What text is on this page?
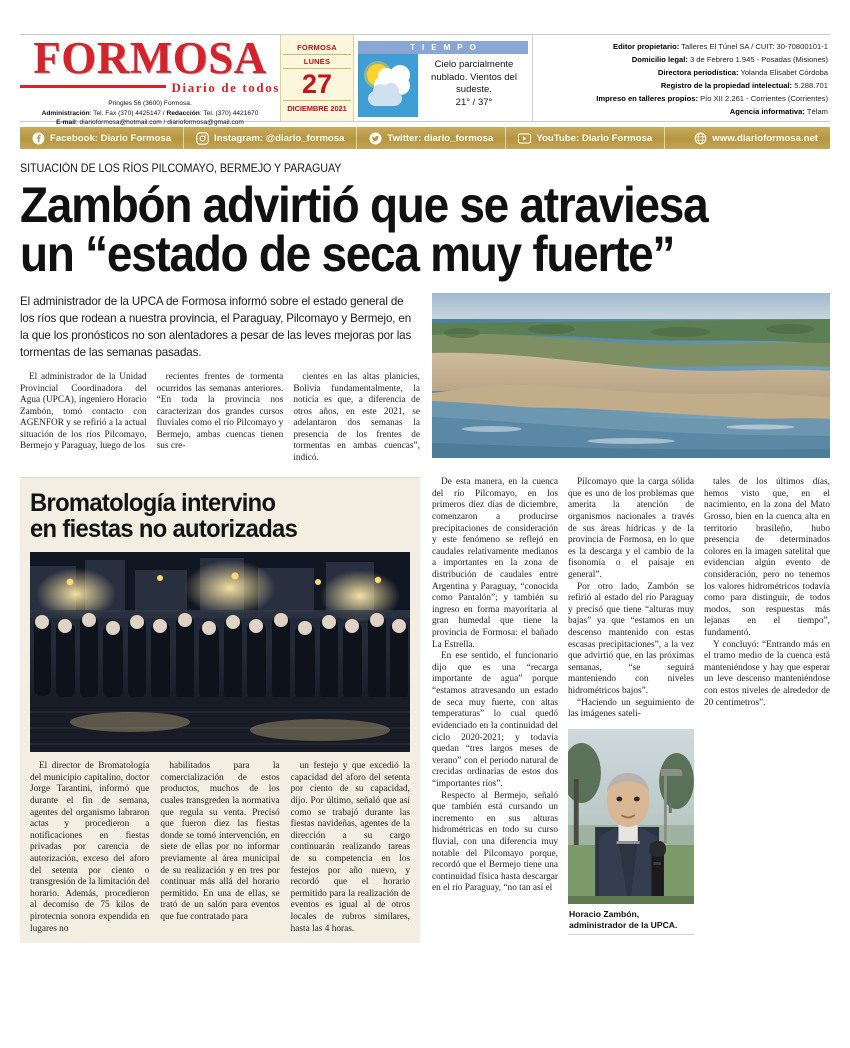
FORMOSA
Diario de todos
Pringles 56 (3600) Formosa.
Administración: Tel. Fax (370) 4425147 / Redacción: Tel. (370) 4421670
E-mail: diarioformosa@hotmail.com / diarioformosa@gmail.com
FORMOSA
LUNES
27
DICIEMBRE 2021
TIEMPO
Cielo parcialmente nublado. Vientos del sudeste.
21° / 37°
Editor propietario: Talleres El Túnel SA / CUIT: 30-70800101-1
Domicilio legal: 3 de Febrero 1.945 - Posadas (Misiones)
Directora periodística: Yolanda Elisabet Córdoba
Registro de la propiedad intelectual: 5.288.701
Impreso en talleres propios: Pío XII 2.261 - Corrientes (Corrientes)
Agencia informativa: Télam
Facebook: Diario Formosa	Instagram: @diario_formosa	Twitter: diario_formosa	YouTube: Diario Formosa	www.diarioformosa.net
SITUACIÓN DE LOS RÍOS PILCOMAYO, BERMEJO Y PARAGUAY
Zambón advirtió que se atraviesa
un “estado de seca muy fuerte”
El administrador de la UPCA de Formosa informó sobre el estado general de los ríos que rodean a nuestra provincia, el Paraguay, Pilcomayo y Bermejo, en la que los pronósticos no son alentadores a pesar de las leves mejoras por las tormentas de las semanas pasadas.

El administrador de la Unidad Provincial Coordinadora del Agua (UPCA), ingeniero Horacio Zambón, tomó contacto con AGENFOR y se refirió a la actual situación de los ríos Pilcomayo, Bermejo y Paraguay, luego de los

recientes frentes de tormenta ocurridos las semanas anteriores. “En toda la provincia nos caracterizan dos grandes cursos fluviales como el río Pilcomayo y Bermejo, ambas cuencas tienen sus cre-

cientes en las altas planicies, Bolivia fundamentalmente, la noticia es que, a diferencia de otros años, en este 2021, se adelantaron dos semanas la presencia de los frentes de tormentas en ambas cuencas”, indicó.

Bromatología intervino
en fiestas no autorizadas

El director de Bromatología del municipio capitalino, doctor Jorge Tarantini, informó que durante el fin de semana, agentes del organismo labraron actas y procedieron a notificaciones en fiestas privadas por carencia de autorización, exceso del aforo del setenta por ciento o transgresión de la limitación del horario. Además, procedieron al decomiso de 75 kilos de pirotecnia sonora expendida en lugares no

habilitados para la comercialización de estos productos, muchos de los cuales transgreden la normativa que regula su venta. Precisó que fueron diez las fiestas donde se tomó intervención, en siete de ellas por no informar previamente al área municipal de su realización y en tres por continuar más allá del horario permitido. En una de ellas, se trató de un salón para eventos que fue contratado para

un festejo y que excedió la capacidad del aforo del setenta por ciento de su capacidad, dijo. Por último, señaló que así como se trabajó durante las fiestas navideñas, agentes de la dirección a su cargo continuarán realizando tareas de su competencia en los festejos por año nuevo, y recordó que el horario permitido para la realización de eventos es igual al de otros locales de rubros similares, hasta las 4 horas.

De esta manera, en la cuenca del río Pilcomayo, en los primeros diez días de diciembre, comenzaron a producirse precipitaciones de consideración y este fenómeno se reflejó en caudales relativamente medianos a importantes en la zona de distribución de caudales entre Argentina y Paraguay, “conocida como Pantalón”; y también su ingreso en forma mayoritaria al gran humedal que tiene la provincia de Formosa: el bañado La Estrella.

En ese sentido, el funcionario dijo que es una “recarga importante de agua” porque “estamos atravesando un estado de seca muy fuerte, con altas temperaturas” lo cual quedó evidenciado en la continuidad del ciclo 2020-2021; y todavía quedan “tres largos meses de verano” con el período natural de crecidas ordinarias de estos dos “importantes ríos”.

Respecto al Bermejo, señaló que también está cursando un incremento en sus alturas hidrométricas en todo su curso fluvial, con una diferencia muy notable del Pilcomayo porque, recordó que el Bermejo tiene una continuidad física hasta descargar en el río Paraguay, “no tan así el

Pilcomayo que la carga sólida que es uno de los problemas que amerita la atención de organismos nacionales a través de sus áreas hídricas y de la provincia de Formosa, en lo que es la descarga y el cambio de la fisonomía o el paisaje en general”.

Por otro lado, Zambón se refirió al estado del río Paraguay y precisó que tiene “alturas muy bajas” ya que “estamos en un descenso mantenido con estas escasas precipitaciones”, a la vez que advirtió que, en las próximas semanas, “se seguirá manteniendo con niveles hidrométricos bajos”.

“Haciendo un seguimiento de las imágenes sateli-

Horacio Zambón, administrador de la UPCA.

tales de los últimos días, hemos visto que, en el nacimiento, en la zona del Mato Grosso, bien en la cuenca alta en territorio brasileño, hubo presencia de determinados colores en la imagen satelital que evidencian algún evento de consideración, pero no tenemos los valores hidrométricos todavía como para distinguir, de todos modos, son respuestas más lejanas en el tiempo”, fundamentó.

Y concluyó: “Entrando más en el tramo medio de la cuenca está manteniéndose y hay que esperar un leve descenso manteniéndose con estos niveles de alrededor de 20 centímetros”.
